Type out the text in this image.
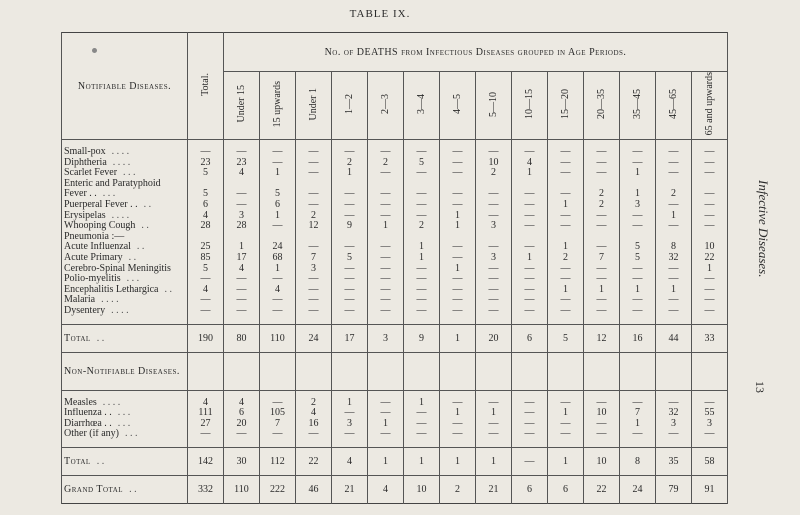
TABLE IX.
Notifiable Diseases.	Total.	No. of DEATHS from Infectious Diseases grouped in Age Periods.													
		Under 15	15 upwards	Under 1	1—2	2—3	3—4	4—5	5—10	10—15	15—20	20—35	35—45	45—65	65 and upwards

Small-pox . . . .	—	—	—	—	—	—	—	—	—	—	—	—	—	—	—
Diphtheria . . . .	23	23	—	—	2	2	5	—	10	4	—	—	—	—	—
Scarlet Fever . . .	5	4	1	—	1	—	—	—	2	1	—	—	1	—	—
Enteric and Paratyphoid															
Fever . . . . .	5	—	5	—	—	—	—	—	—	—	—	2	1	2	—
Puerperal Fever . . . .	6	—	6	—	—	—	—	—	—	—	1	2	3	—	—
Erysipelas . . . .	4	3	1	2	—	—	—	1	—	—	—	—	—	1	—
Whooping Cough . .	28	28	—	12	9	1	2	1	3	—	—	—	—	—	—
Pneumonia :—															
Acute Influenzal . .	25	1	24	—	—	—	1	—	—	—	1	—	5	8	10
Acute Primary . .	85	17	68	7	5	—	1	—	3	1	2	7	5	32	22
Cerebro-Spinal Meningitis	5	4	1	3	—	—	—	1	—	—	—	—	—	—	1
Polio-myelitis . . .	—	—	—	—	—	—	—	—	—	—	—	—	—	—	—
Encephalitis Lethargica . .	4	—	4	—	—	—	—	—	—	—	1	1	1	1	—
Malaria . . . .	—	—	—	—	—	—	—	—	—	—	—	—	—	—	—
Dysentery . . . .	—	—	—	—	—	—	—	—	—	—	—	—	—	—	—

Total . .	190	80	110	24	17	3	9	1	20	6	5	12	16	44	33
Non-Notifiable Diseases.															

Measles . . . .	4	4	—	2	1	—	1	—	—	—	—	—	—	—	—
Influenza . . . . .	111	6	105	4	—	—	—	1	1	—	1	10	7	32	55
Diarrhœa . . . . .	27	20	7	16	3	1	—	—	—	—	—	—	1	3	3
Other (if any) . . .	—	—	—	—	—	—	—	—	—	—	—	—	—	—	—

Total . .	142	30	112	22	4	1	1	1	1	—	1	10	8	35	58
Grand Total . .	332	110	222	46	21	4	10	2	21	6	6	22	24	79	91
Infective Diseases.
13
